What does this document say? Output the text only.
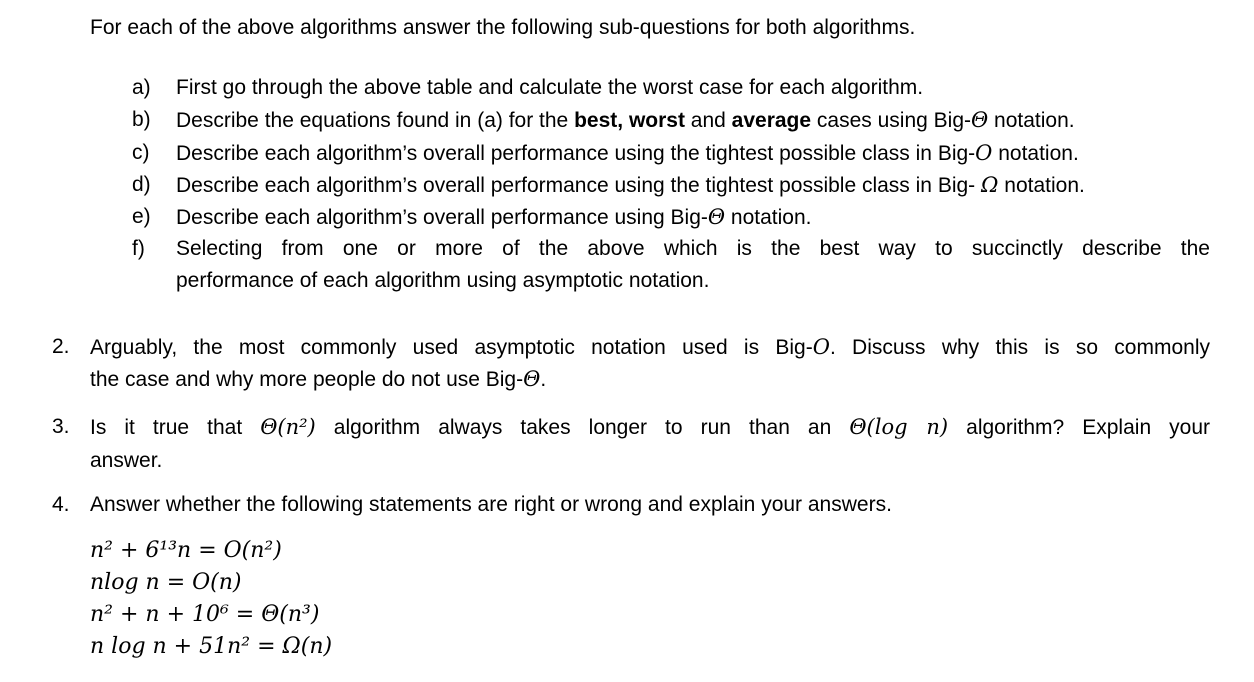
For each of the above algorithms answer the following sub-questions for both algorithms.
a) First go through the above table and calculate the worst case for each algorithm.
b) Describe the equations found in (a) for the best, worst and average cases using Big-Θ notation.
c) Describe each algorithm’s overall performance using the tightest possible class in Big-O notation.
d) Describe each algorithm’s overall performance using the tightest possible class in Big- Ω notation.
e) Describe each algorithm’s overall performance using Big-Θ notation.
f) Selecting from one or more of the above which is the best way to succinctly describe the
performance of each algorithm using asymptotic notation.
2. Arguably, the most commonly used asymptotic notation used is Big-O. Discuss why this is so commonly
the case and why more people do not use Big-Θ.
3. Is it true that Θ(n²) algorithm always takes longer to run than an Θ(log n) algorithm? Explain your
answer.
4. Answer whether the following statements are right or wrong and explain your answers.
n² + 6¹³n = O(n²)
nlog n = O(n)
n² + n + 10⁶ = Θ(n³)
n log n + 51n² = Ω(n)
